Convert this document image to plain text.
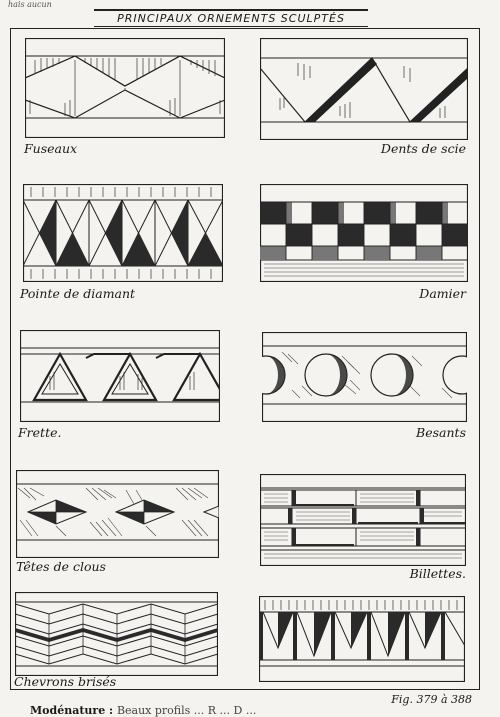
hais aucun
PRINCIPAUX ORNEMENTS SCULPTÉS
Fuseaux	Dents de scie
Pointe de diamant	Damier
Frette.	Besants
Têtes de clous	Billettes.
Chevrons brisés
Fig. 379 à 388
Modénature : Beaux profils ... R ... D ...
